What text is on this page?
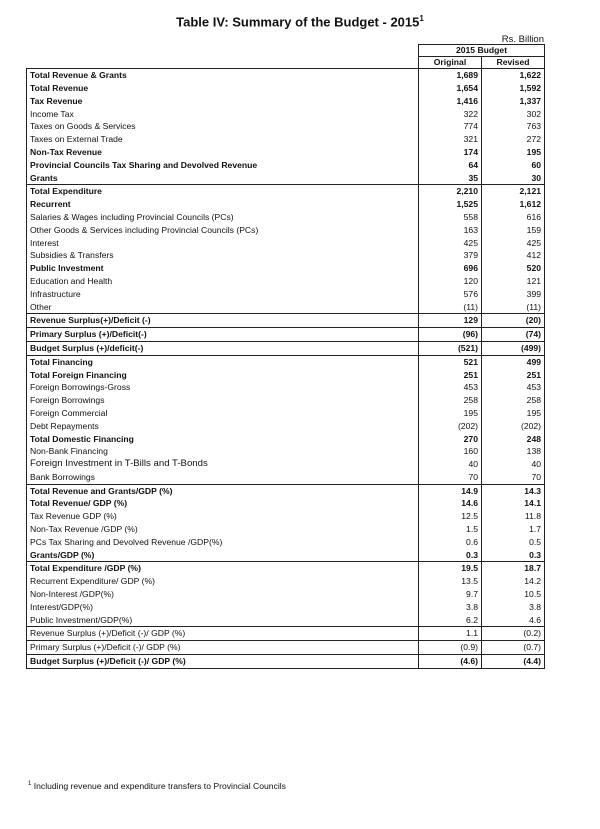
Table IV: Summary of the Budget - 2015$^1$
Rs. Billion
	2015 Budget	
	Original	Revised
Total Revenue & Grants	1,689	1,622
Total Revenue	1,654	1,592
Tax Revenue	1,416	1,337
Income Tax	322	302
Taxes on Goods & Services	774	763
Taxes on External Trade	321	272
Non-Tax Revenue	174	195
Provincial Councils Tax Sharing and Devolved Revenue	64	60
Grants	35	30
Total Expenditure	2,210	2,121
Recurrent	1,525	1,612
Salaries & Wages including Provincial Councils (PCs)	558	616
Other Goods & Services including Provincial Councils (PCs)	163	159
Interest	425	425
Subsidies & Transfers	379	412
Public Investment	696	520
Education and Health	120	121
Infrastructure	576	399
Other	(11)	(11)
Revenue Surplus(+)/Deficit (-)	129	(20)
Primary Surplus (+)/Deficit(-)	(96)	(74)
Budget Surplus (+)/deficit(-)	(521)	(499)
Total Financing	521	499
Total Foreign Financing	251	251
Foreign Borrowings-Gross	453	453
Foreign Borrowings	258	258
Foreign Commercial	195	195
Debt Repayments	(202)	(202)
Total Domestic Financing	270	248
Non-Bank Financing	160	138
Foreign Investment in T-Bills and T-Bonds	40	40
Bank Borrowings	70	70
Total Revenue and Grants/GDP (%)	14.9	14.3
Total Revenue/ GDP (%)	14.6	14.1
Tax Revenue GDP (%)	12.5	11.8
Non-Tax Revenue /GDP (%)	1.5	1.7
PCs Tax Sharing and Devolved Revenue /GDP(%)	0.6	0.5
Grants/GDP (%)	0.3	0.3
Total Expenditure /GDP (%)	19.5	18.7
Recurrent Expenditure/ GDP (%)	13.5	14.2
Non-Interest /GDP(%)	9.7	10.5
Interest/GDP(%)	3.8	3.8
Public Investment/GDP(%)	6.2	4.6
Revenue Surplus (+)/Deficit (-)/ GDP (%)	1.1	(0.2)
Primary Surplus (+)/Deficit (-)/ GDP (%)	(0.9)	(0.7)
Budget Surplus (+)/Deficit (-)/ GDP (%)	(4.6)	(4.4)
$^1$ Including revenue and expenditure transfers to Provincial Councils
